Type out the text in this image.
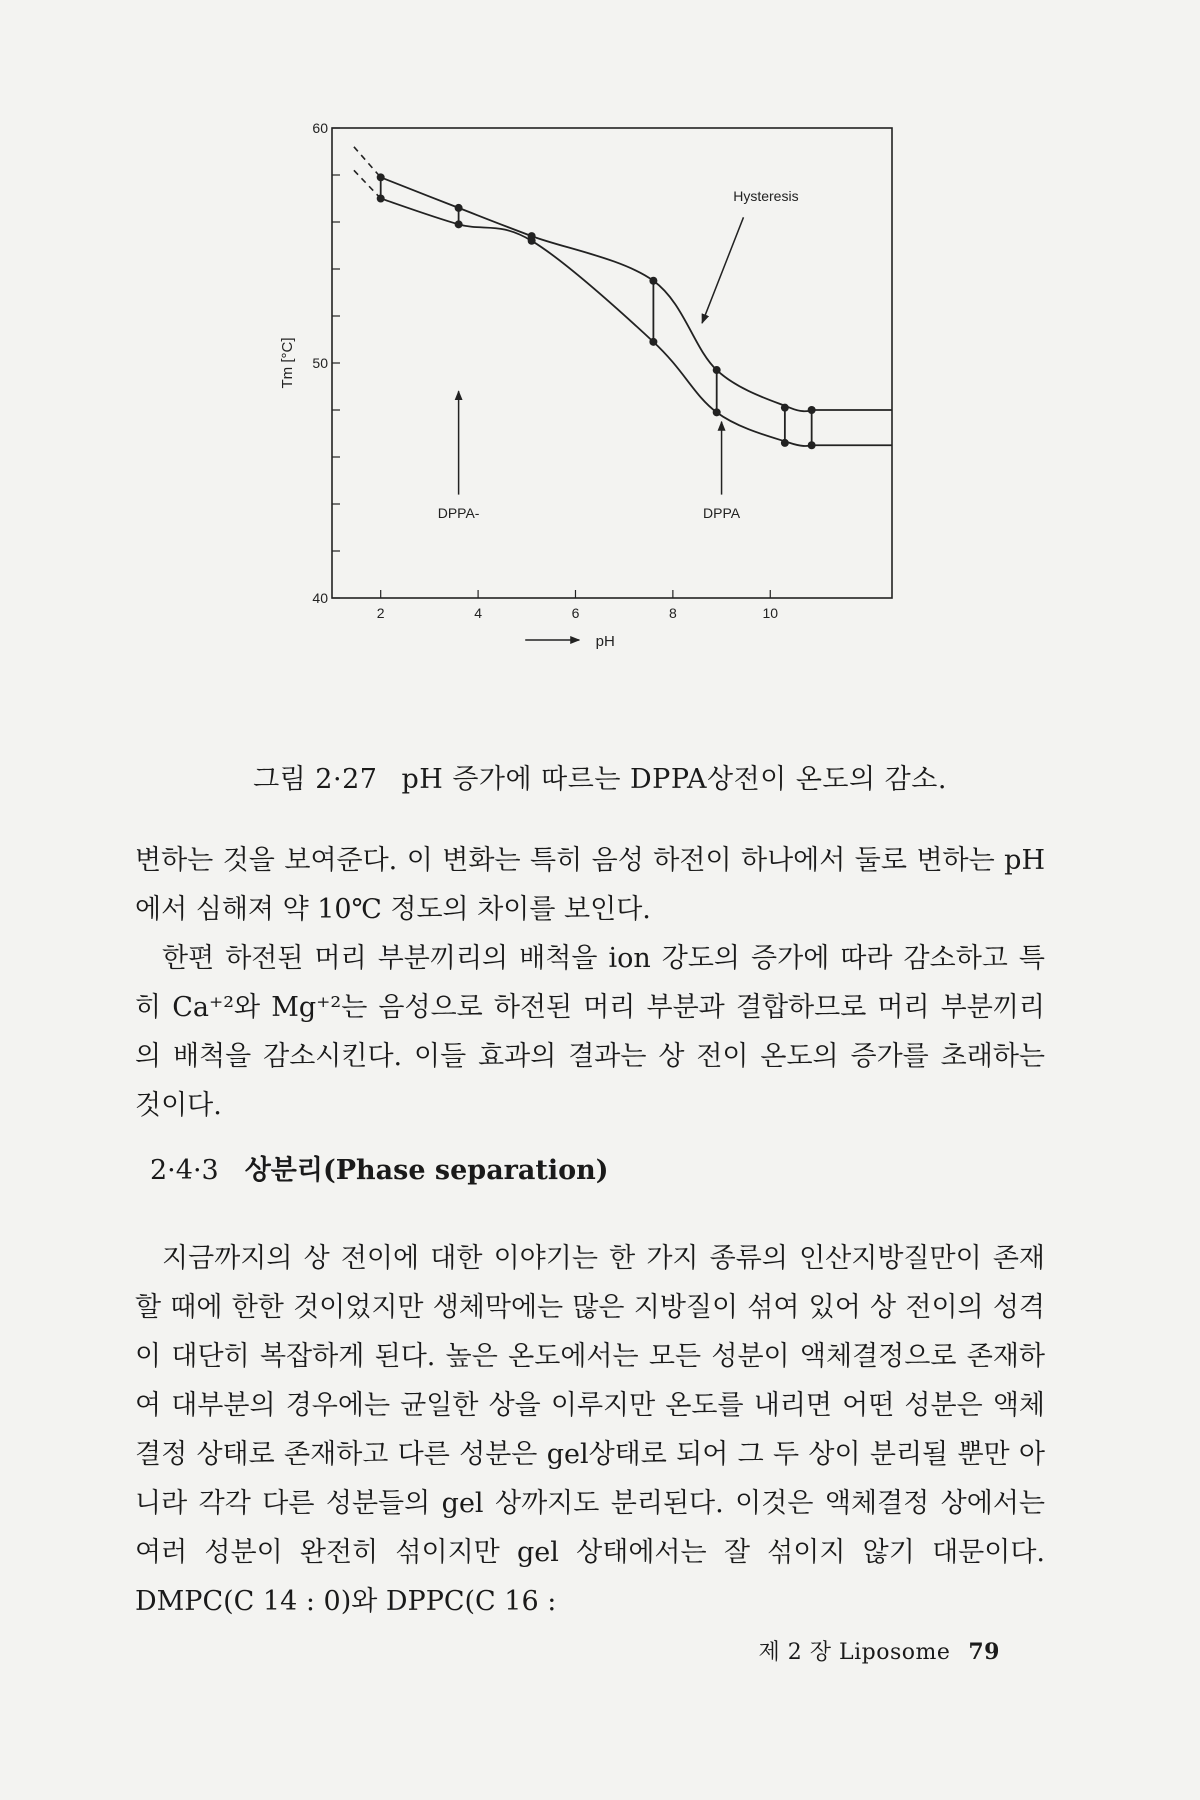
2	4	6	8	10
40
50
60
Tm [°C]
pH
Hysteresis
DPPA-	DPPA
그림 2·27 pH 증가에 따르는 DPPA상전이 온도의 감소.

변하는 것을 보여준다. 이 변화는 특히 음성 하전이 하나에서 둘로 변하는 pH에서 심해져 약 10℃ 정도의 차이를 보인다.

한편 하전된 머리 부분끼리의 배척을 ion 강도의 증가에 따라 감소하고 특히 Ca⁺²와 Mg⁺²는 음성으로 하전된 머리 부분과 결합하므로 머리 부분끼리의 배척을 감소시킨다. 이들 효과의 결과는 상 전이 온도의 증가를 초래하는 것이다.

2·4·3 상분리(Phase separation)

지금까지의 상 전이에 대한 이야기는 한 가지 종류의 인산지방질만이 존재할 때에 한한 것이었지만 생체막에는 많은 지방질이 섞여 있어 상 전이의 성격이 대단히 복잡하게 된다. 높은 온도에서는 모든 성분이 액체결정으로 존재하여 대부분의 경우에는 균일한 상을 이루지만 온도를 내리면 어떤 성분은 액체결정 상태로 존재하고 다른 성분은 gel상태로 되어 그 두 상이 분리될 뿐만 아니라 각각 다른 성분들의 gel 상까지도 분리된다. 이것은 액체결정 상에서는 여러 성분이 완전히 섞이지만 gel 상태에서는 잘 섞이지 않기 대문이다. DMPC(C 14 : 0)와 DPPC(C 16 :

제 2 장 Liposome 79
